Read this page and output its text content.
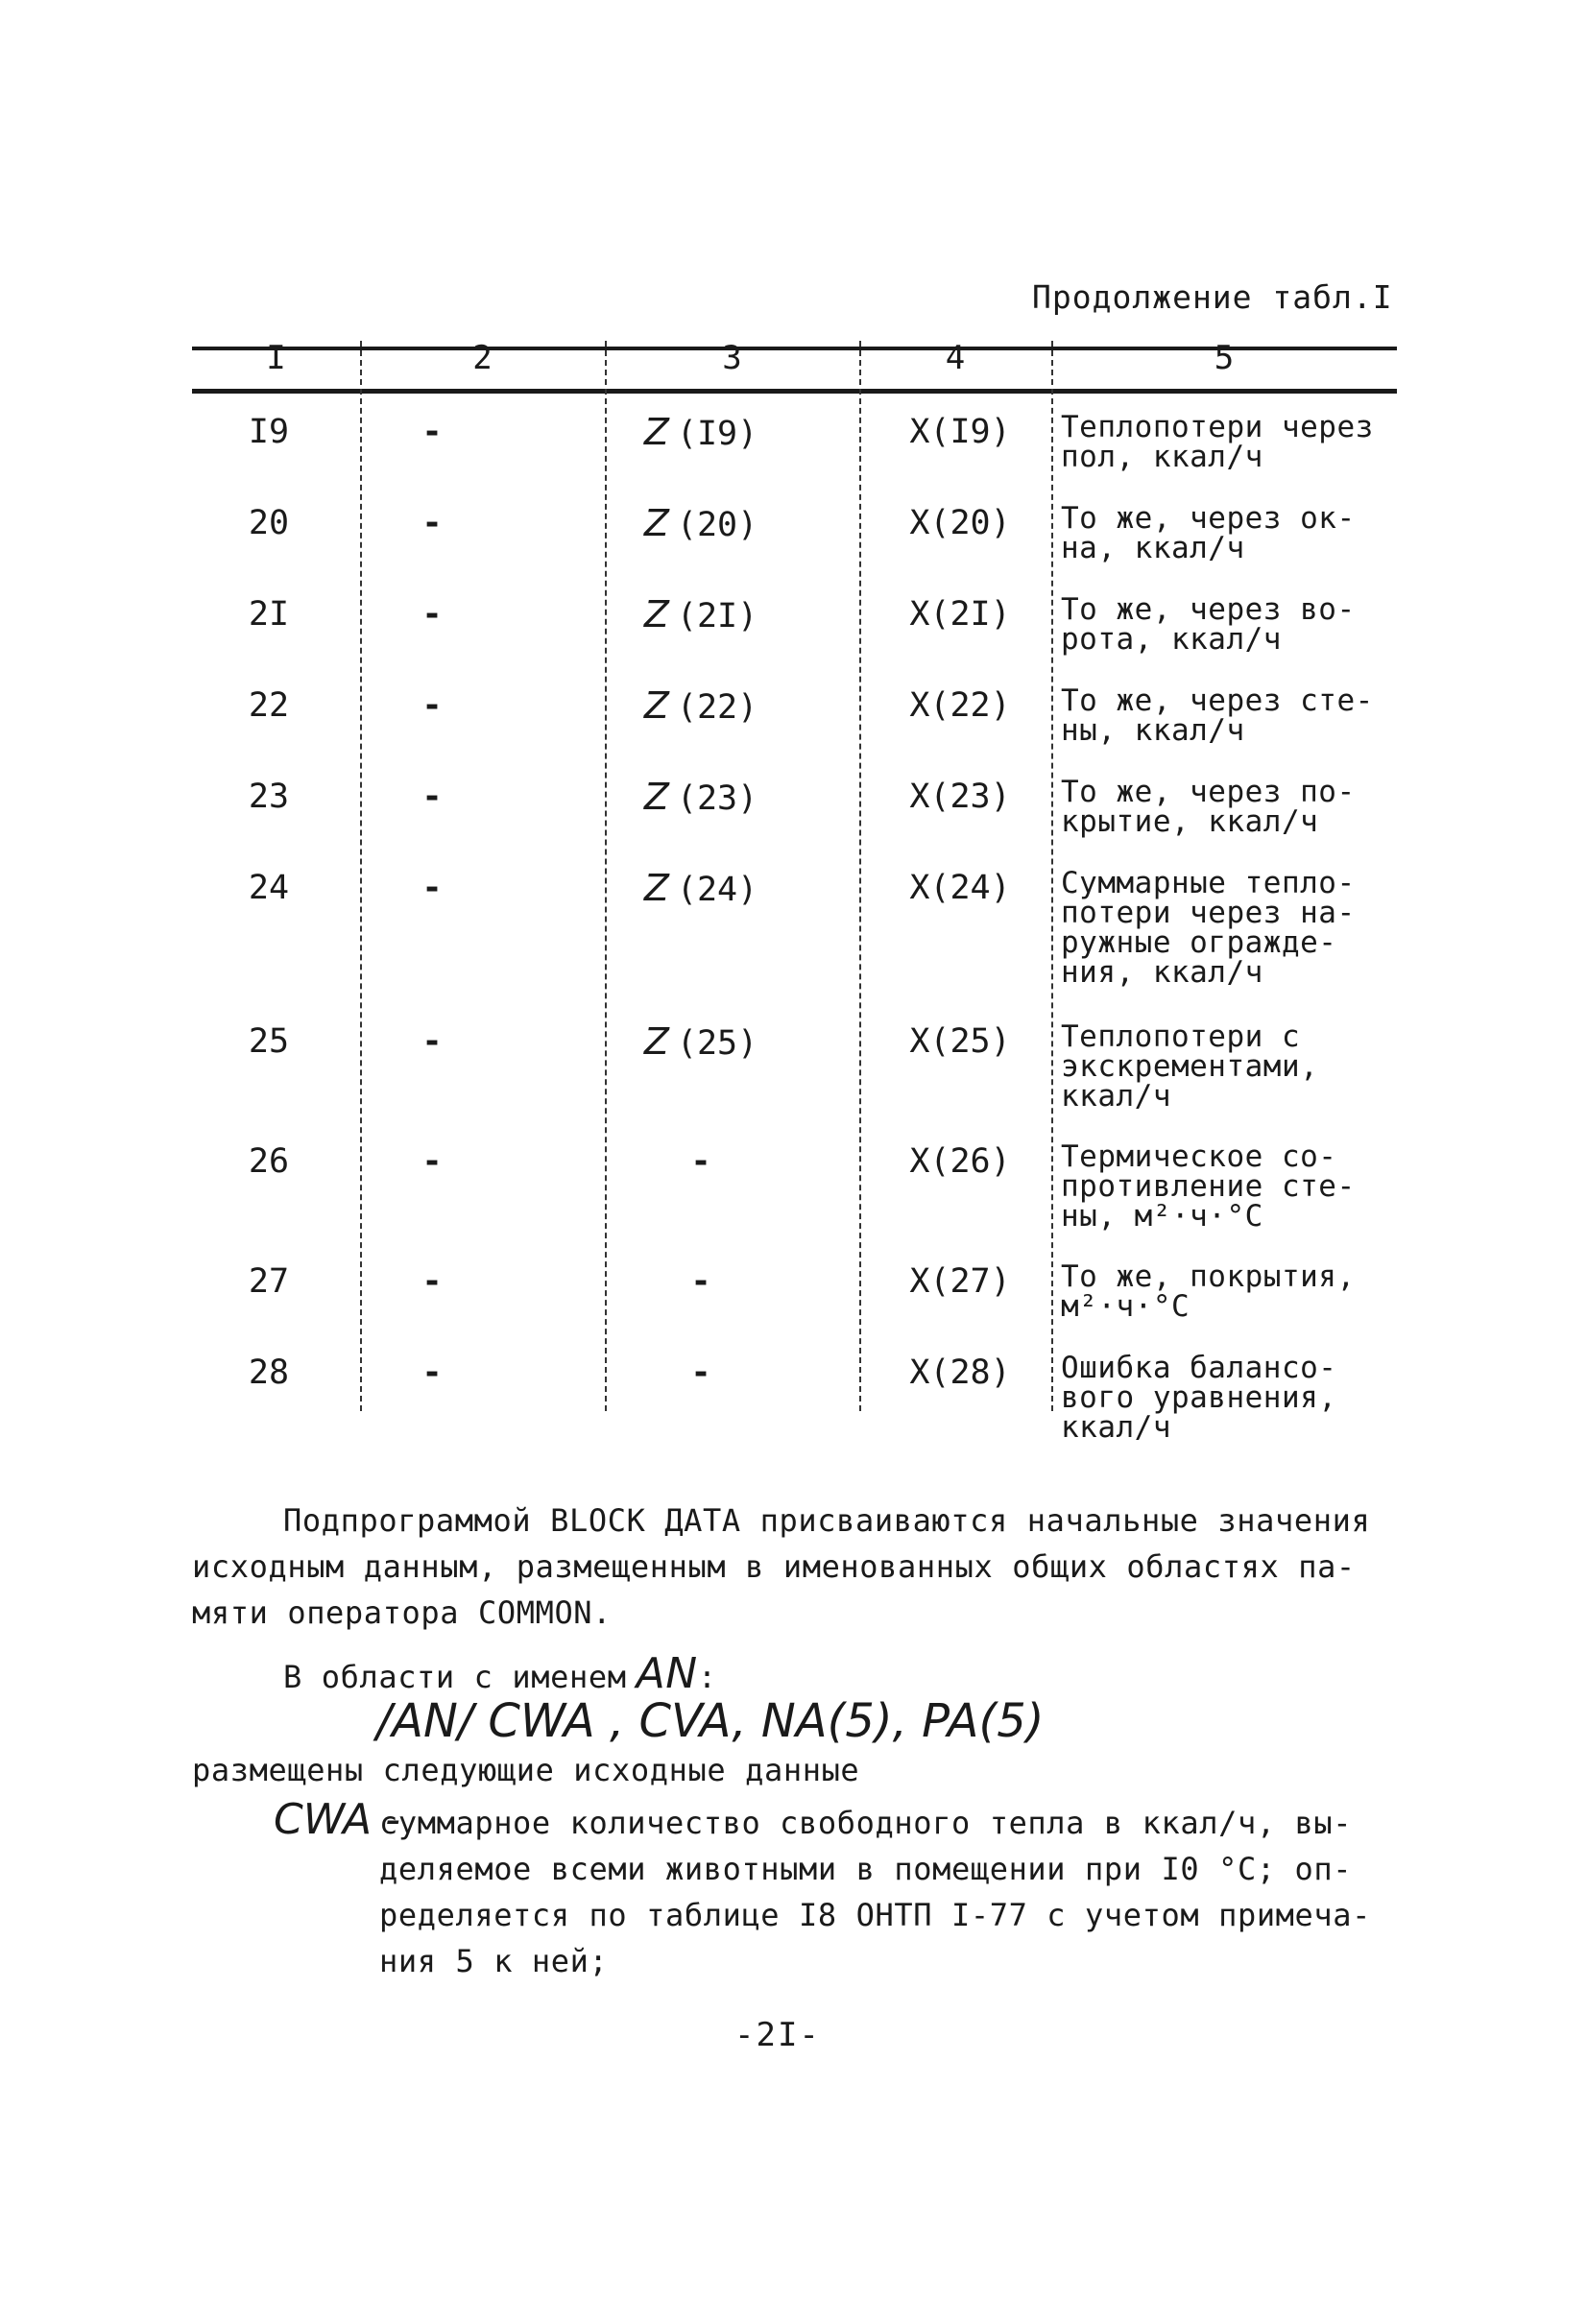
Продолжение табл.I
I	2	3	4	5
I9	-	Z (I9)	X(I9)	Теплопотери через
пол, ккал/ч
20	-	Z (20)	X(20)	То же, через ок-
на, ккал/ч
2I	-	Z (2I)	X(2I)	То же, через во-
рота, ккал/ч
22	-	Z (22)	X(22)	То же, через сте-
ны, ккал/ч
23	-	Z (23)	X(23)	То же, через по-
крытие, ккал/ч
24	-	Z (24)	X(24)	Суммарные тепло-
потери через на-
ружные огражде-
ния, ккал/ч
25	-	Z (25)	X(25)	Теплопотери с
экскрементами,
ккал/ч
26	-	-	X(26)	Термическое со-
противление сте-
ны, м²·ч·°С
27	-	-	X(27)	То же, покрытия,
м²·ч·°С
28	-	-	X(28)	Ошибка балансо-
вого уравнения,
ккал/ч
Подпрограммой BLOCK ДАТА присваиваются начальные значения
исходным данным, размещенным в именованных общих областях па-
мяти оператора COMMON.
В области с именем AN:
/AN/ CWA , CVA, NA(5), PA(5)
размещены следующие исходные данные
CWA -
суммарное количество свободного тепла в ккал/ч, вы-
деляемое всеми животными в помещении при I0 °С; оп-
ределяется по таблице I8 ОНТП I-77 с учетом примеча-
ния 5 к ней;
-2I-
